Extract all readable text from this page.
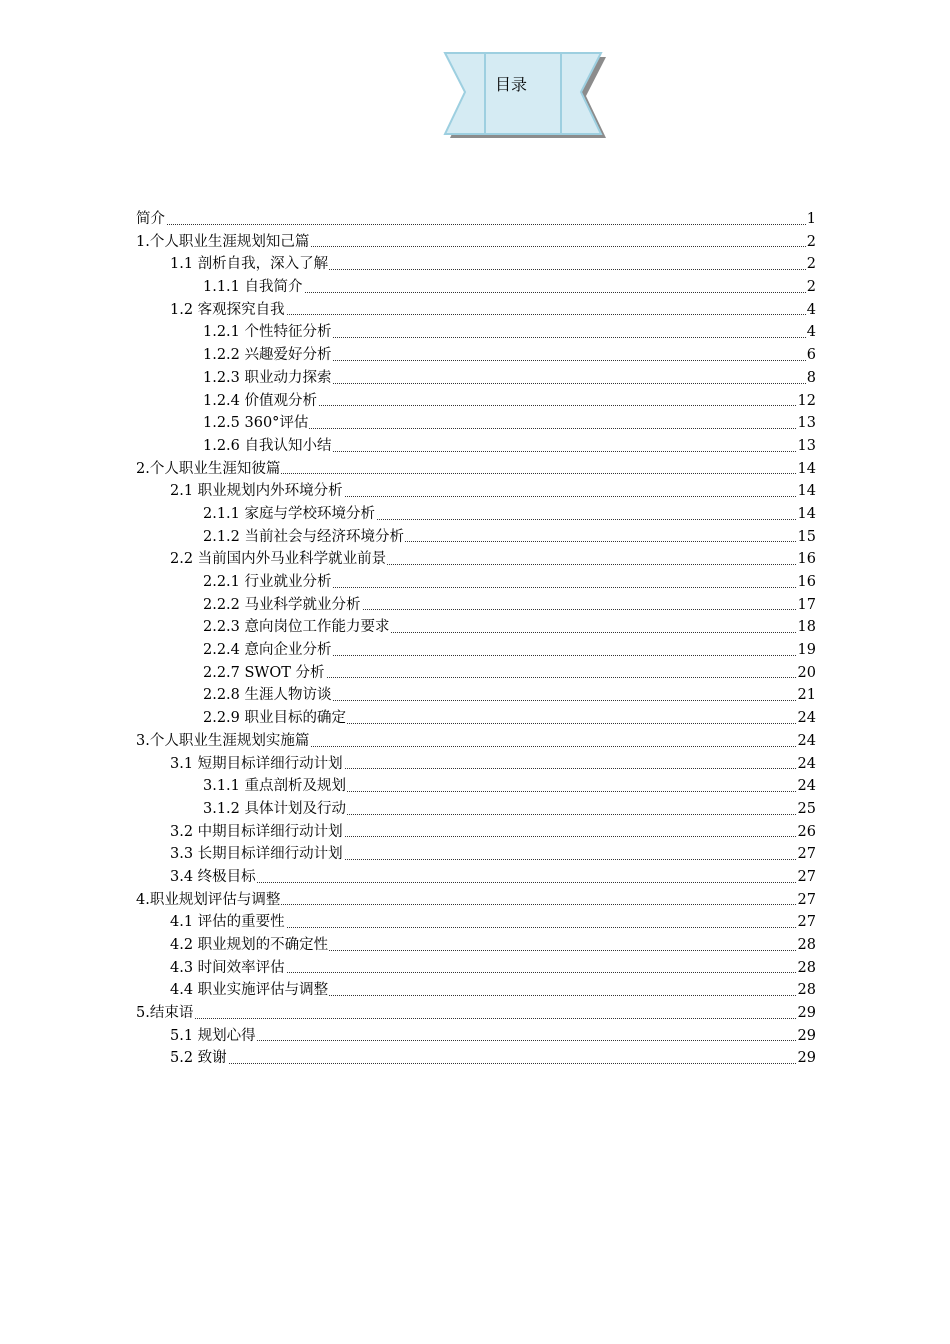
目录
简介	1
1.个人职业生涯规划知己篇	2
1.1 剖析自我，深入了解	2
1.1.1 自我简介	2
1.2 客观探究自我	4
1.2.1 个性特征分析	4
1.2.2 兴趣爱好分析	6
1.2.3 职业动力探索	8
1.2.4 价值观分析	12
1.2.5 360°评估	13
1.2.6 自我认知小结	13
2.个人职业生涯知彼篇	14
2.1 职业规划内外环境分析	14
2.1.1 家庭与学校环境分析	14
2.1.2 当前社会与经济环境分析	15
2.2 当前国内外马业科学就业前景	16
2.2.1 行业就业分析	16
2.2.2 马业科学就业分析	17
2.2.3 意向岗位工作能力要求	18
2.2.4 意向企业分析	19
2.2.7 SWOT 分析	20
2.2.8 生涯人物访谈	21
2.2.9 职业目标的确定	24
3.个人职业生涯规划实施篇	24
3.1 短期目标详细行动计划	24
3.1.1 重点剖析及规划	24
3.1.2 具体计划及行动	25
3.2 中期目标详细行动计划	26
3.3 长期目标详细行动计划	27
3.4 终极目标	27
4.职业规划评估与调整	27
4.1 评估的重要性	27
4.2 职业规划的不确定性	28
4.3 时间效率评估	28
4.4 职业实施评估与调整	28
5.结束语	29
5.1 规划心得	29
5.2 致谢	29
